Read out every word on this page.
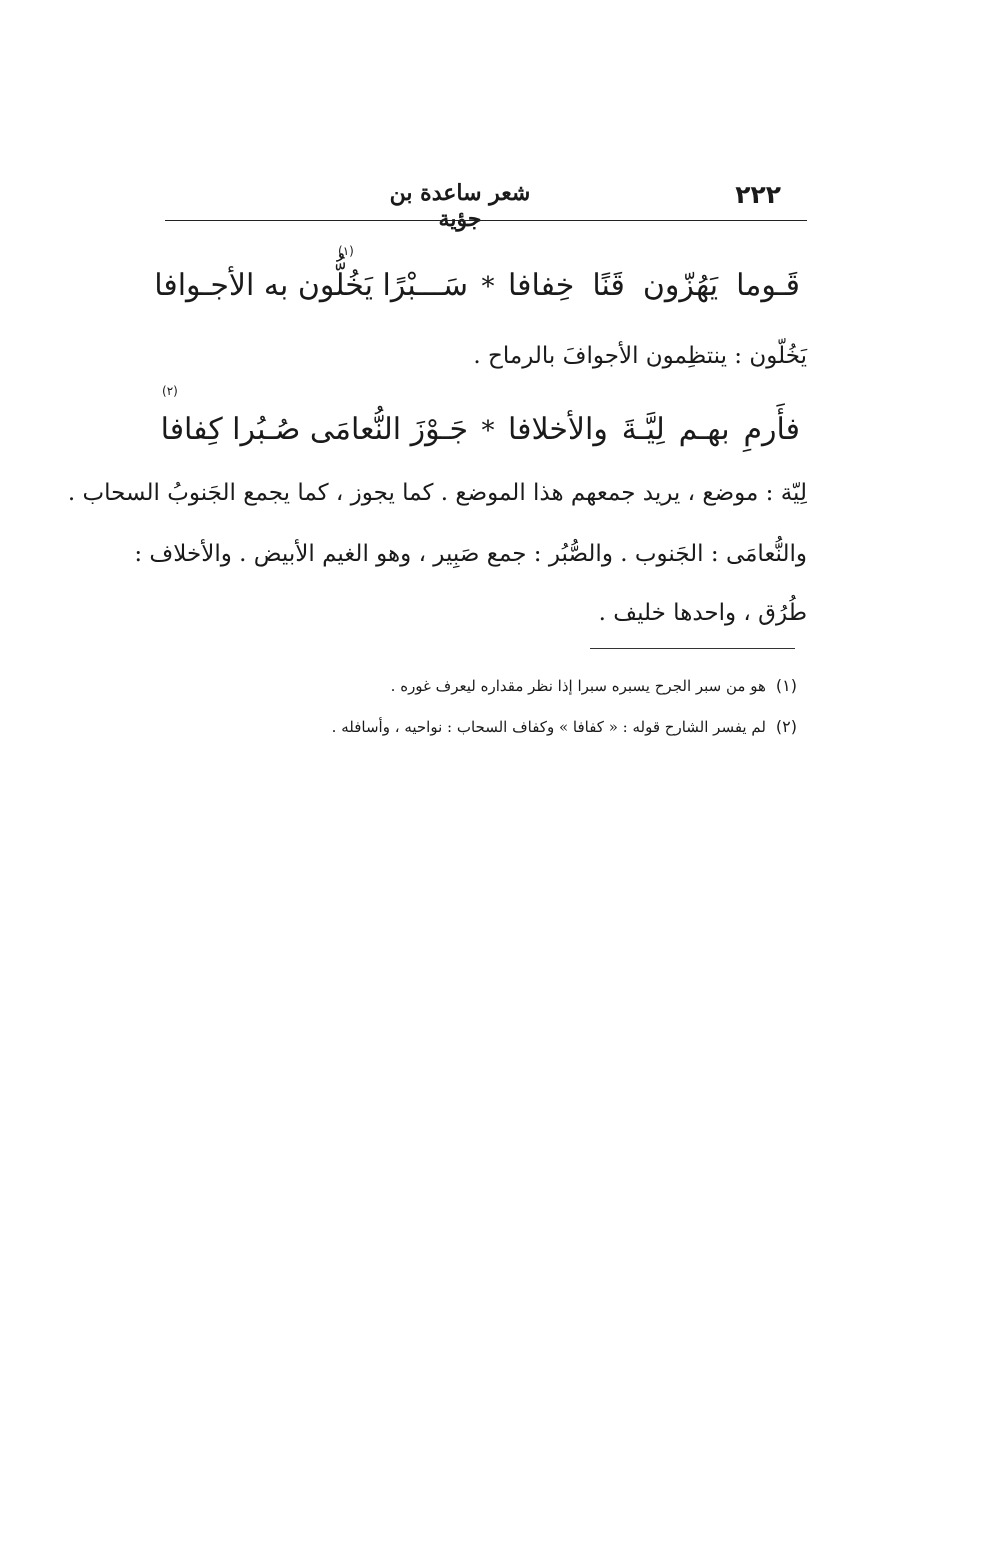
٢٢٢
شعر ساعدة بن جؤية
قَـوما يَهُزّون قَنًا خِفافا*سَـــبْرًا يَخُلُّون به الأجـوافا
(١)
يَخُلّون : ينتظِمون الأجوافَ بالرماح .
فأَرمِ بهـم لِيَّـةَ والأخلافا*جَـوْزَ النُّعامَى صُـبُرا كِفافا
(٢)
لِيّة : موضع ، يريد جمعهم هذا الموضع . كما يجوز ، كما يجمع الجَنوبُ السحاب .
والنُّعامَى : الجَنوب . والصُّبُر : جمع صَبِير ، وهو الغيم الأبيض . والأخلاف :
طُرُق ، واحدها خليف .
(١)هو من سبر الجرح يسبره سبرا إذا نظر مقداره ليعرف غوره .
(٢)لم يفسر الشارح قوله : « كفافا » وكفاف السحاب : نواحيه ، وأسافله .
